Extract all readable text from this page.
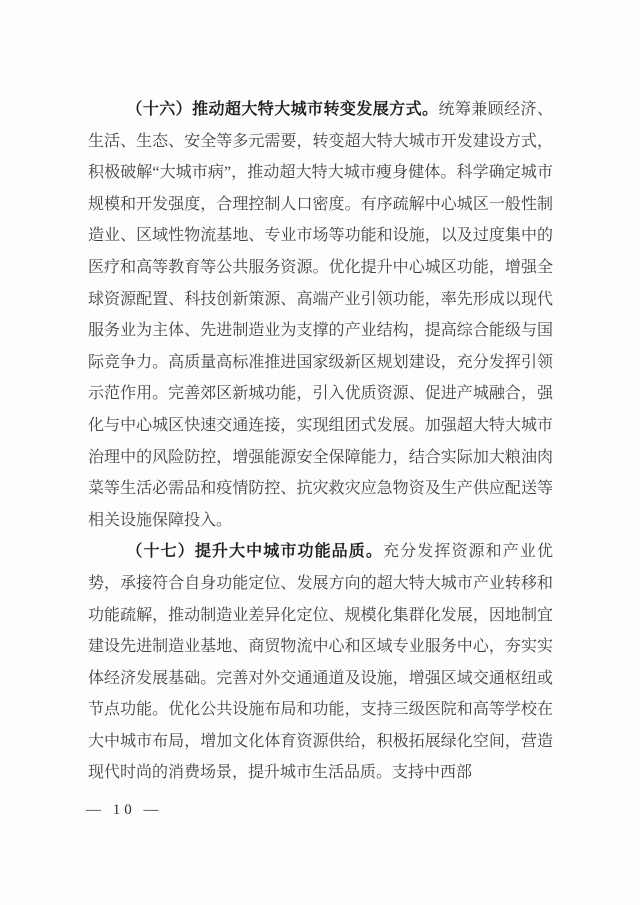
（十六）推动超大特大城市转变发展方式。统筹兼顾经济、生活、生态、安全等多元需要，转变超大特大城市开发建设方式，积极破解“大城市病”，推动超大特大城市瘦身健体。科学确定城市规模和开发强度，合理控制人口密度。有序疏解中心城区一般性制造业、区域性物流基地、专业市场等功能和设施，以及过度集中的医疗和高等教育等公共服务资源。优化提升中心城区功能，增强全球资源配置、科技创新策源、高端产业引领功能，率先形成以现代服务业为主体、先进制造业为支撑的产业结构，提高综合能级与国际竞争力。高质量高标准推进国家级新区规划建设，充分发挥引领示范作用。完善郊区新城功能，引入优质资源、促进产城融合，强化与中心城区快速交通连接，实现组团式发展。加强超大特大城市治理中的风险防控，增强能源安全保障能力，结合实际加大粮油肉菜等生活必需品和疫情防控、抗灾救灾应急物资及生产供应配送等相关设施保障投入。

（十七）提升大中城市功能品质。充分发挥资源和产业优势，承接符合自身功能定位、发展方向的超大特大城市产业转移和功能疏解，推动制造业差异化定位、规模化集群化发展，因地制宜建设先进制造业基地、商贸物流中心和区域专业服务中心，夯实实体经济发展基础。完善对外交通通道及设施，增强区域交通枢纽或节点功能。优化公共设施布局和功能，支持三级医院和高等学校在大中城市布局，增加文化体育资源供给，积极拓展绿化空间，营造现代时尚的消费场景，提升城市生活品质。支持中西部

— 10 —
